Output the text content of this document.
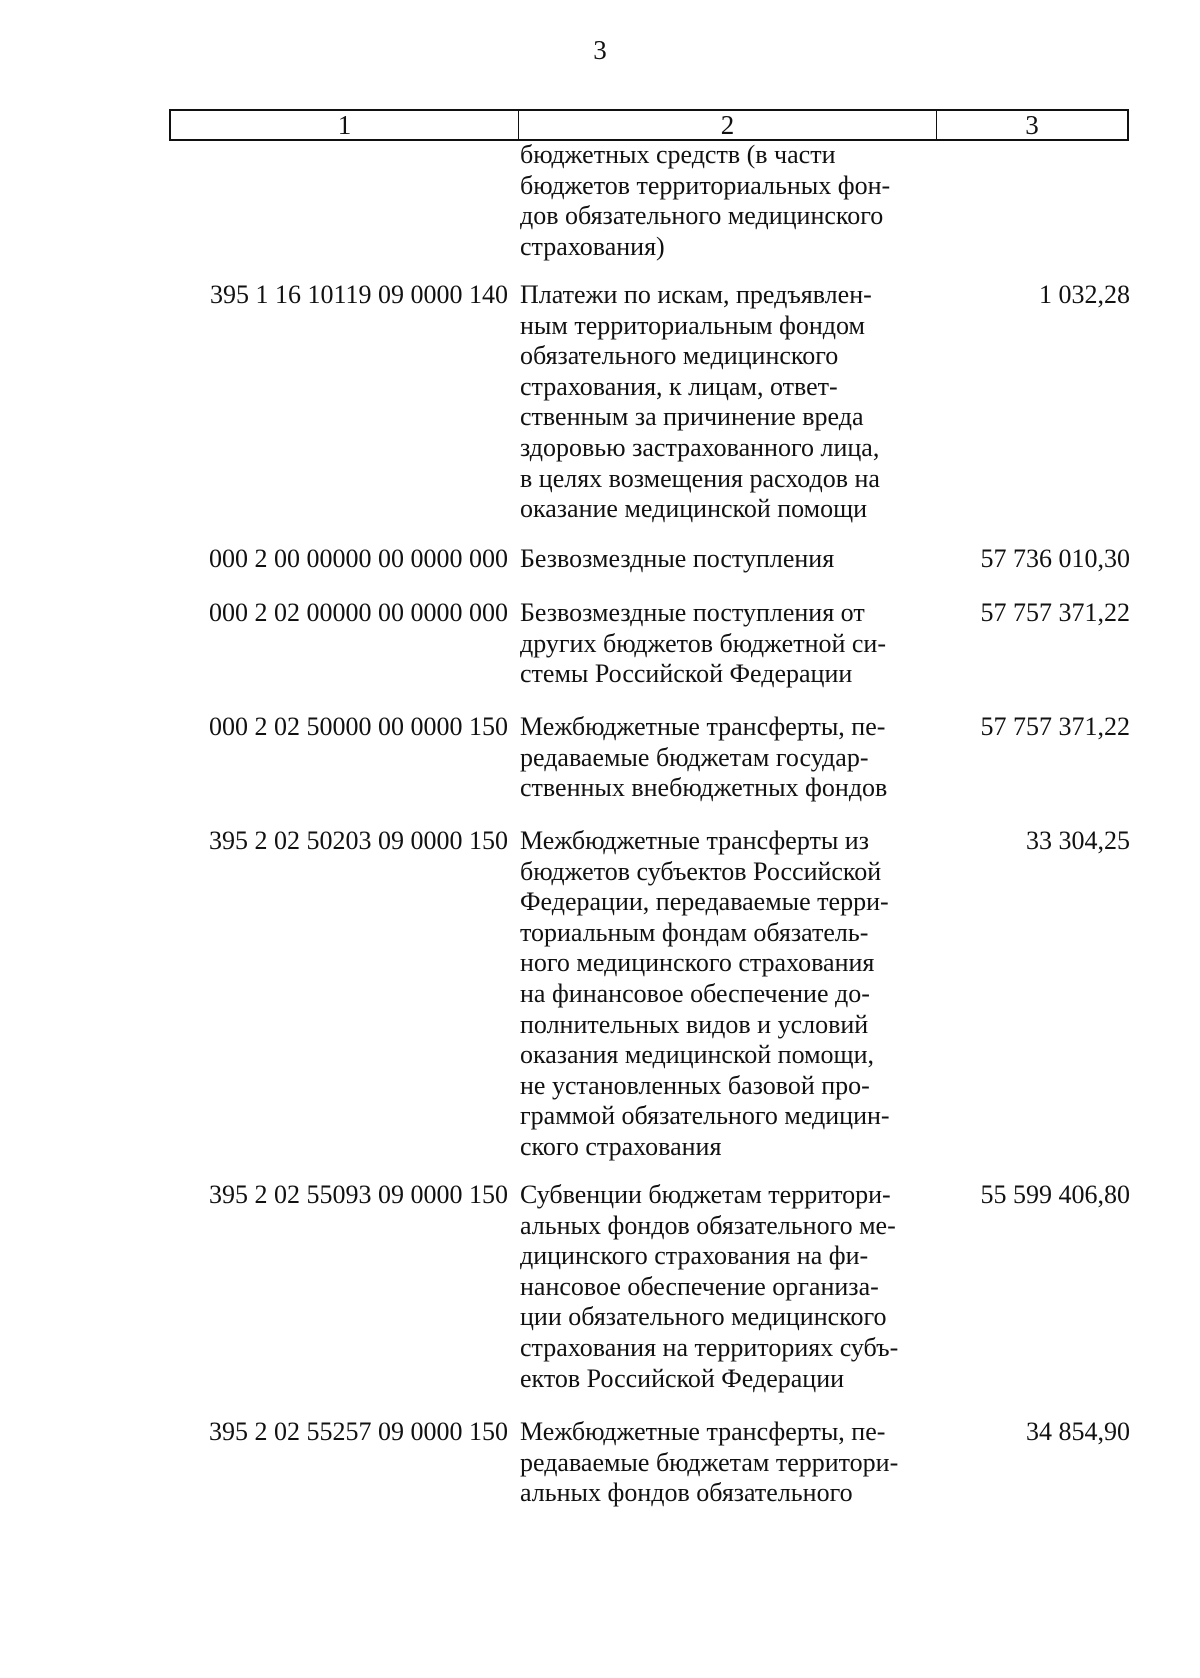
3
1	2	3
бюджетных средств (в части
бюджетов территориальных фон-
дов обязательного медицинского
страхования)
395 1 16 10119 09 0000 140 Платежи по искам, предъявлен-
ным территориальным фондом
обязательного медицинского
страхования, к лицам, ответ-
ственным за причинение вреда
здоровью застрахованного лица,
в целях возмещения расходов на
оказание медицинской помощи
1 032,28
000 2 00 00000 00 0000 000 Безвозмездные поступления	57 736 010,30
000 2 02 00000 00 0000 000 Безвозмездные поступления от
других бюджетов бюджетной си-
стемы Российской Федерации
57 757 371,22
000 2 02 50000 00 0000 150 Межбюджетные трансферты, пе-
редаваемые бюджетам государ-
ственных внебюджетных фондов
57 757 371,22
395 2 02 50203 09 0000 150 Межбюджетные трансферты из
бюджетов субъектов Российской
Федерации, передаваемые терри-
ториальным фондам обязатель-
ного медицинского страхования
на финансовое обеспечение до-
полнительных видов и условий
оказания медицинской помощи,
не установленных базовой про-
граммой обязательного медицин-
ского страхования
33 304,25
395 2 02 55093 09 0000 150 Субвенции бюджетам территори-
альных фондов обязательного ме-
дицинского страхования на фи-
нансовое обеспечение организа-
ции обязательного медицинского
страхования на территориях субъ-
ектов Российской Федерации
55 599 406,80
395 2 02 55257 09 0000 150 Межбюджетные трансферты, пе-
редаваемые бюджетам территори-
альных фондов обязательного
34 854,90
